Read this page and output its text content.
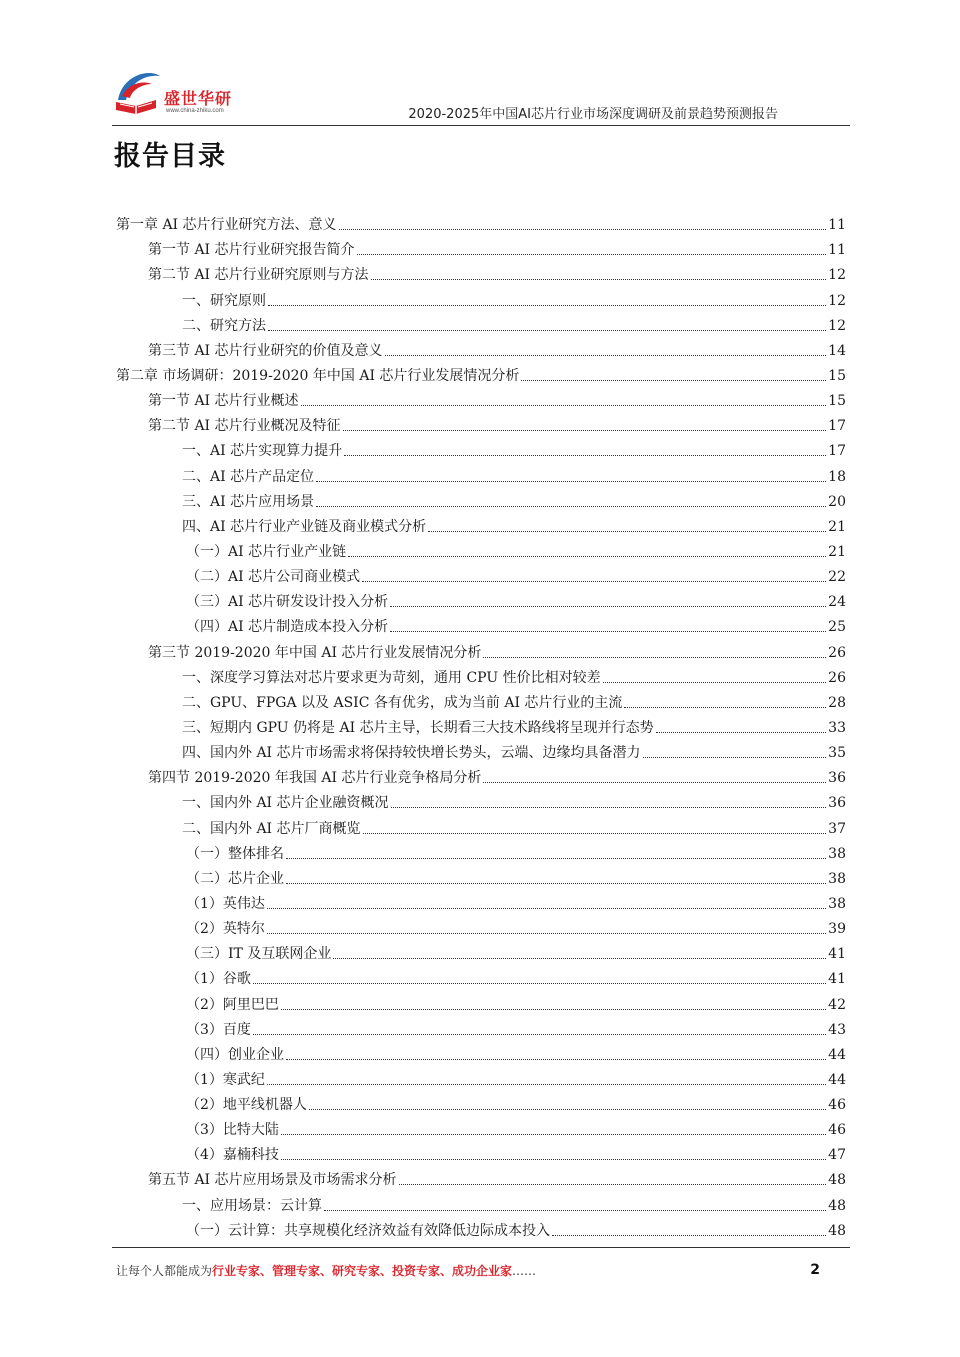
盛世华研
www.china-zhiku.com	2020-2025年中国AI芯片行业市场深度调研及前景趋势预测报告
报告目录
第一章 AI 芯片行业研究方法、意义	11
第一节 AI 芯片行业研究报告简介	11
第二节 AI 芯片行业研究原则与方法	12
一、研究原则	12
二、研究方法	12
第三节 AI 芯片行业研究的价值及意义	14
第二章 市场调研：2019-2020 年中国 AI 芯片行业发展情况分析	15
第一节 AI 芯片行业概述	15
第二节 AI 芯片行业概况及特征	17
一、AI 芯片实现算力提升	17
二、AI 芯片产品定位	18
三、AI 芯片应用场景	20
四、AI 芯片行业产业链及商业模式分析	21
（一）AI 芯片行业产业链	21
（二）AI 芯片公司商业模式	22
（三）AI 芯片研发设计投入分析	24
（四）AI 芯片制造成本投入分析	25
第三节 2019-2020 年中国 AI 芯片行业发展情况分析	26
一、深度学习算法对芯片要求更为苛刻，通用 CPU 性价比相对较差	26
二、GPU、FPGA 以及 ASIC 各有优劣，成为当前 AI 芯片行业的主流	28
三、短期内 GPU 仍将是 AI 芯片主导，长期看三大技术路线将呈现并行态势	33
四、国内外 AI 芯片市场需求将保持较快增长势头，云端、边缘均具备潜力	35
第四节 2019-2020 年我国 AI 芯片行业竞争格局分析	36
一、国内外 AI 芯片企业融资概况	36
二、国内外 AI 芯片厂商概览	37
（一）整体排名	38
（二）芯片企业	38
（1）英伟达	38
（2）英特尔	39
（三）IT 及互联网企业	41
（1）谷歌	41
（2）阿里巴巴	42
（3）百度	43
（四）创业企业	44
（1）寒武纪	44
（2）地平线机器人	46
（3）比特大陆	46
（4）嘉楠科技	47
第五节 AI 芯片应用场景及市场需求分析	48
一、应用场景：云计算	48
（一）云计算：共享规模化经济效益有效降低边际成本投入	48
让每个人都能成为行业专家、管理专家、研究专家、投资专家、成功企业家……	2
